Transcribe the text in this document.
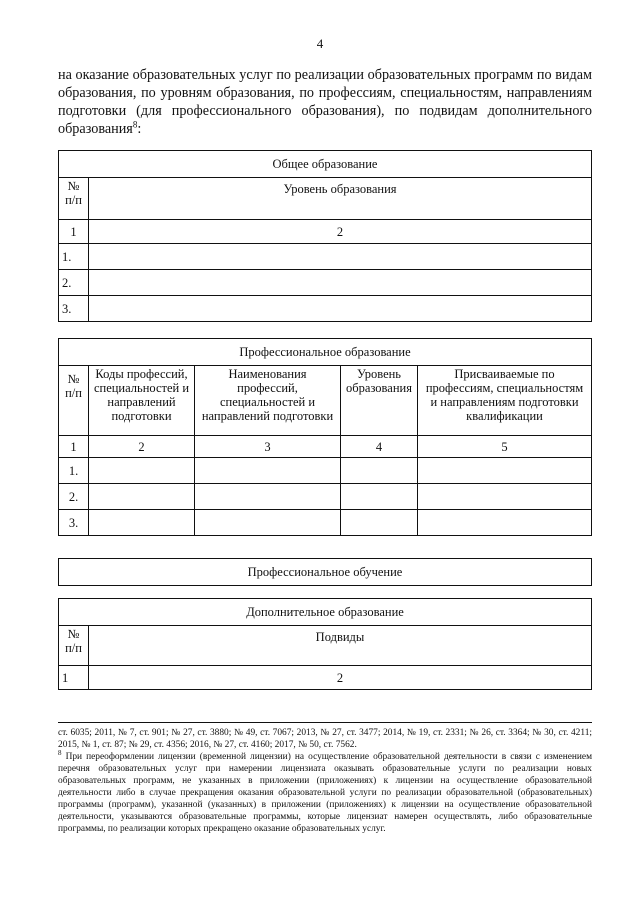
4
на оказание образовательных услуг по реализации образовательных программ по видам образования, по уровням образования, по профессиям, специальностям, направлениям подготовки (для профессионального образования), по подвидам дополнительного образования$^8$:
Общее образование	
№ п/п	Уровень образования
1	2
1.	
2.	
3.	
Профессиональное образование				
№ п/п	Коды профессий, специальностей и направлений подготовки	Наименования профессий, специальностей и направлений подготовки	Уровень образования	Присваиваемые по профессиям, специальностям и направлениям подготовки квалификации
1	2	3	4	5
1.				
2.				
3.				
Профессиональное обучение
Дополнительное образование	
№ п/п	Подвиды
1	2

ст. 6035; 2011, № 7, ст. 901; № 27, ст. 3880; № 49, ст. 7067; 2013, № 27, ст. 3477; 2014, № 19, ст. 2331; № 26, ст. 3364; № 30, ст. 4211; 2015, № 1, ст. 87; № 29, ст. 4356; 2016, № 27, ст. 4160; 2017, № 50, ст. 7562.

$^8$ При переоформлении лицензии (временной лицензии) на осуществление образовательной деятельности в связи с изменением перечня образовательных услуг при намерении лицензиата оказывать образовательные услуги по реализации новых образовательных программ, не указанных в приложении (приложениях) к лицензии на осуществление образовательной деятельности либо в случае прекращения оказания образовательной услуги по реализации образовательной (образовательных) программы (программ), указанной (указанных) в приложении (приложениях) к лицензии на осуществление образовательной деятельности, указываются образовательные программы, которые лицензиат намерен осуществлять, либо образовательные программы, по реализации которых прекращено оказание образовательных услуг.
